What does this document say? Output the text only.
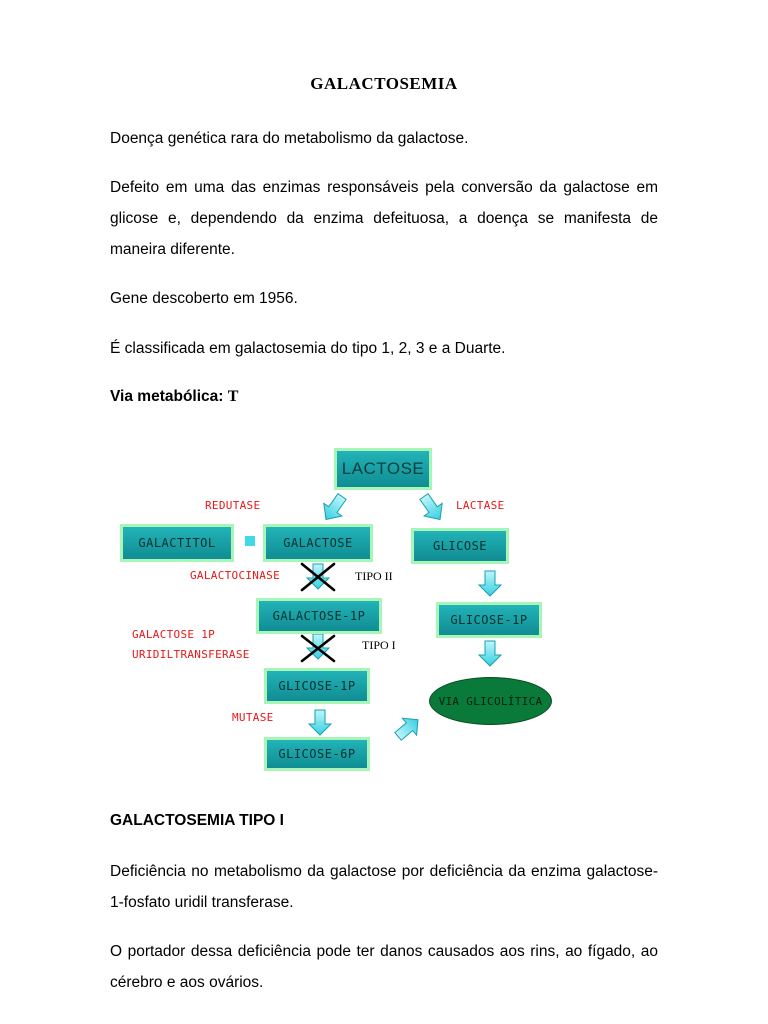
GALACTOSEMIA
Doença genética rara do metabolismo da galactose.
Defeito em uma das enzimas responsáveis pela conversão da galactose em glicose e, dependendo da enzima defeituosa, a doença se manifesta de maneira diferente.
Gene descoberto em 1956.
É classificada em galactosemia do tipo 1, 2, 3 e a Duarte.
Via metabólica: T
LACTOSE
REDUTASE	LACTASE
GALACTITOL	GALACTOSE	GLICOSE
GALACTOCINASE	TIPO II
GALACTOSE-1P	GLICOSE-1P
GALACTOSE 1P
URIDILTRANSFERASE
TIPO I
GLICOSE-1P
VIA GLICOLÍTICA
MUTASE
GLICOSE-6P
GALACTOSEMIA TIPO I
Deficiência no metabolismo da galactose por deficiência da enzima galactose-1-fosfato uridil transferase.
O portador dessa deficiência pode ter danos causados aos rins, ao fígado, ao cérebro e aos ovários.
